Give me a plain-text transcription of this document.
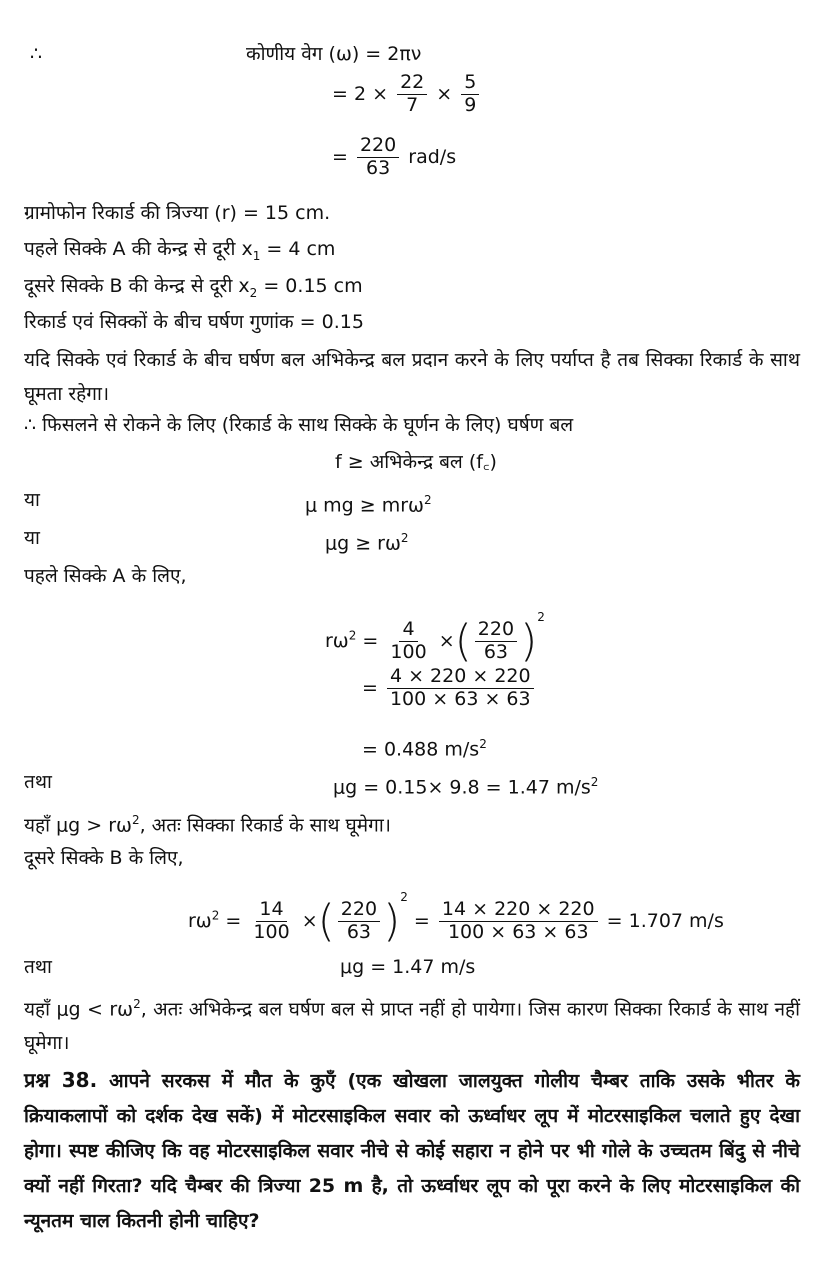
∴	कोणीय वेग (ω) = 2πν
= $2 \times \frac{22}{7} \times \frac{5}{9}$
= $\frac{220}{63} rad/s$
ग्रामोफोन रिकार्ड की त्रिज्या (r) = 15 cm.
पहले सिक्के A की केन्द्र से दूरी $x_1 = 4$ cm
दूसरे सिक्के B की केन्द्र से दूरी $x_2 = 0.15$ cm
रिकार्ड एवं सिक्कों के बीच घर्षण गुणांक = 0.15
यदि सिक्के एवं रिकार्ड के बीच घर्षण बल अभिकेन्द्र बल प्रदान करने के लिए पर्याप्त है तब सिक्का रिकार्ड के साथ घूमता रहेगा।
∴ फिसलने से रोकने के लिए (रिकार्ड के साथ सिक्के के घूर्णन के लिए) घर्षण बल
f ≥ अभिकेन्द्र बल (f꜀)
या	μ mg ≥ mrω$^2$
या	$\mu g \ge r\omega^2$
पहले सिक्के A के लिए,
$r\omega^2 = \frac{4}{100}$ ×( $\frac{220}{63} )^2$
= $\frac{4 \times 220 \times 220}{100 \times 63 \times 63}$
= 0.488 $m/s^2$
तथा	μg = 0.15× 9.8 = 1.47 $m/s^2$
यहाँ $\mu g > r\omega^2$, अतः सिक्का रिकार्ड के साथ घूमेगा।
दूसरे सिक्के B के लिए,
$r\omega^2 = \frac{14}{100}$ ×( $\frac{220}{63} )^2 = \frac{14 \times 220 \times 220}{100 \times 63 \times 63} = 1.707$ m/s
तथा	μg = 1.47 m/s
यहाँ $\mu g < r\omega^2$, अतः अभिकेन्द्र बल घर्षण बल से प्राप्त नहीं हो पायेगा। जिस कारण सिक्का रिकार्ड के साथ नहीं घूमेगा।
प्रश्न 38. आपने सरकस में मौत के कुएँ (एक खोखला जालयुक्त गोलीय चैम्बर ताकि उसके भीतर के क्रियाकलापों को दर्शक देख सकें) में मोटरसाइकिल सवार को ऊर्ध्वाधर लूप में मोटरसाइकिल चलाते हुए देखा होगा। स्पष्ट कीजिए कि वह मोटरसाइकिल सवार नीचे से कोई सहारा न होने पर भी गोले के उच्चतम बिंदु से नीचे क्यों नहीं गिरता? यदि चैम्बर की त्रिज्या 25 m है, तो ऊर्ध्वाधर लूप को पूरा करने के लिए मोटरसाइकिल की न्यूनतम चाल कितनी होनी चाहिए?
